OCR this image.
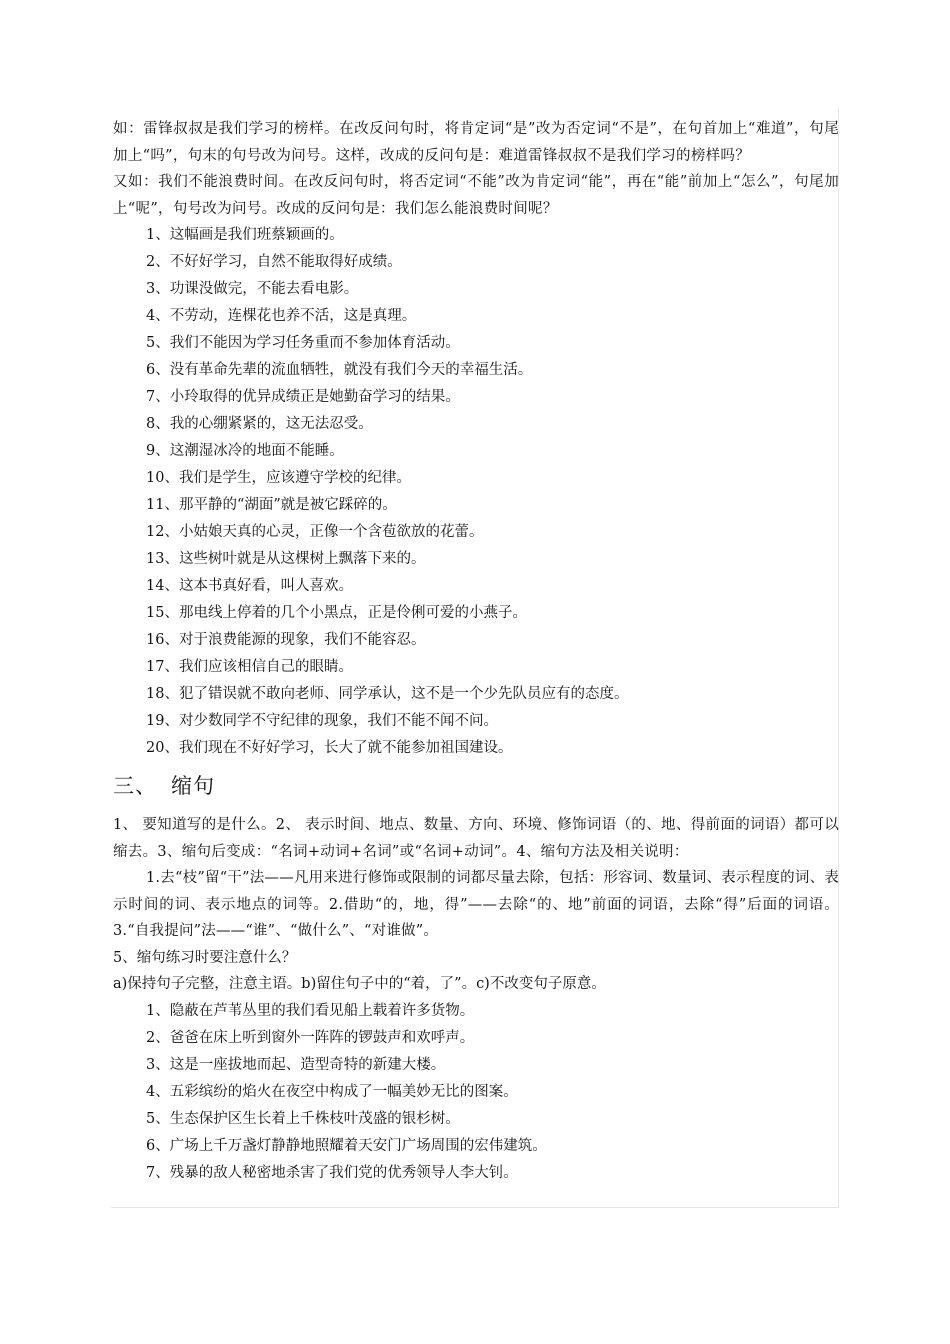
如：雷锋叔叔是我们学习的榜样。在改反问句时，将肯定词“是”改为否定词“不是”，在句首加上“难道”，句尾加上“吗”，句末的句号改为问号。这样，改成的反问句是：难道雷锋叔叔不是我们学习的榜样吗？

又如：我们不能浪费时间。在改反问句时，将否定词“不能”改为肯定词“能”，再在“能”前加上“怎么”，句尾加上“呢”，句号改为问号。改成的反问句是：我们怎么能浪费时间呢？

1、这幅画是我们班蔡颖画的。

2、不好好学习，自然不能取得好成绩。

3、功课没做完，不能去看电影。

4、不劳动，连棵花也养不活，这是真理。

5、我们不能因为学习任务重而不参加体育活动。

6、没有革命先辈的流血牺牲，就没有我们今天的幸福生活。

7、小玲取得的优异成绩正是她勤奋学习的结果。

8、我的心绷紧紧的，这无法忍受。

9、这潮湿冰冷的地面不能睡。

10、我们是学生，应该遵守学校的纪律。

11、那平静的“湖面”就是被它踩碎的。

12、小姑娘天真的心灵，正像一个含苞欲放的花蕾。

13、这些树叶就是从这棵树上飘落下来的。

14、这本书真好看，叫人喜欢。

15、那电线上停着的几个小黑点，正是伶俐可爱的小燕子。

16、对于浪费能源的现象，我们不能容忍。

17、我们应该相信自己的眼睛。

18、犯了错误就不敢向老师、同学承认，这不是一个少先队员应有的态度。

19、对少数同学不守纪律的现象，我们不能不闻不问。

20、我们现在不好好学习，长大了就不能参加祖国建设。

三、 缩句

1、 要知道写的是什么。2、 表示时间、地点、数量、方向、环境、修饰词语（的、地、得前面的词语）都可以缩去。3、缩句后变成：“名词+动词+名词”或“名词+动词”。4、缩句方法及相关说明：

1.去“枝”留“干”法——凡用来进行修饰或限制的词都尽量去除，包括：形容词、数量词、表示程度的词、表示时间的词、表示地点的词等。2.借助“的，地，得”——去除“的、地”前面的词语，去除“得”后面的词语。3.“自我提问”法——“谁”、“做什么”、“对谁做”。

5、缩句练习时要注意什么？

a)保持句子完整，注意主语。b)留住句子中的“着，了”。c)不改变句子原意。

1、隐蔽在芦苇丛里的我们看见船上载着许多货物。

2、爸爸在床上听到窗外一阵阵的锣鼓声和欢呼声。

3、这是一座拔地而起、造型奇特的新建大楼。

4、五彩缤纷的焰火在夜空中构成了一幅美妙无比的图案。

5、生态保护区生长着上千株枝叶茂盛的银杉树。

6、广场上千万盏灯静静地照耀着天安门广场周围的宏伟建筑。

7、残暴的敌人秘密地杀害了我们党的优秀领导人李大钊。
